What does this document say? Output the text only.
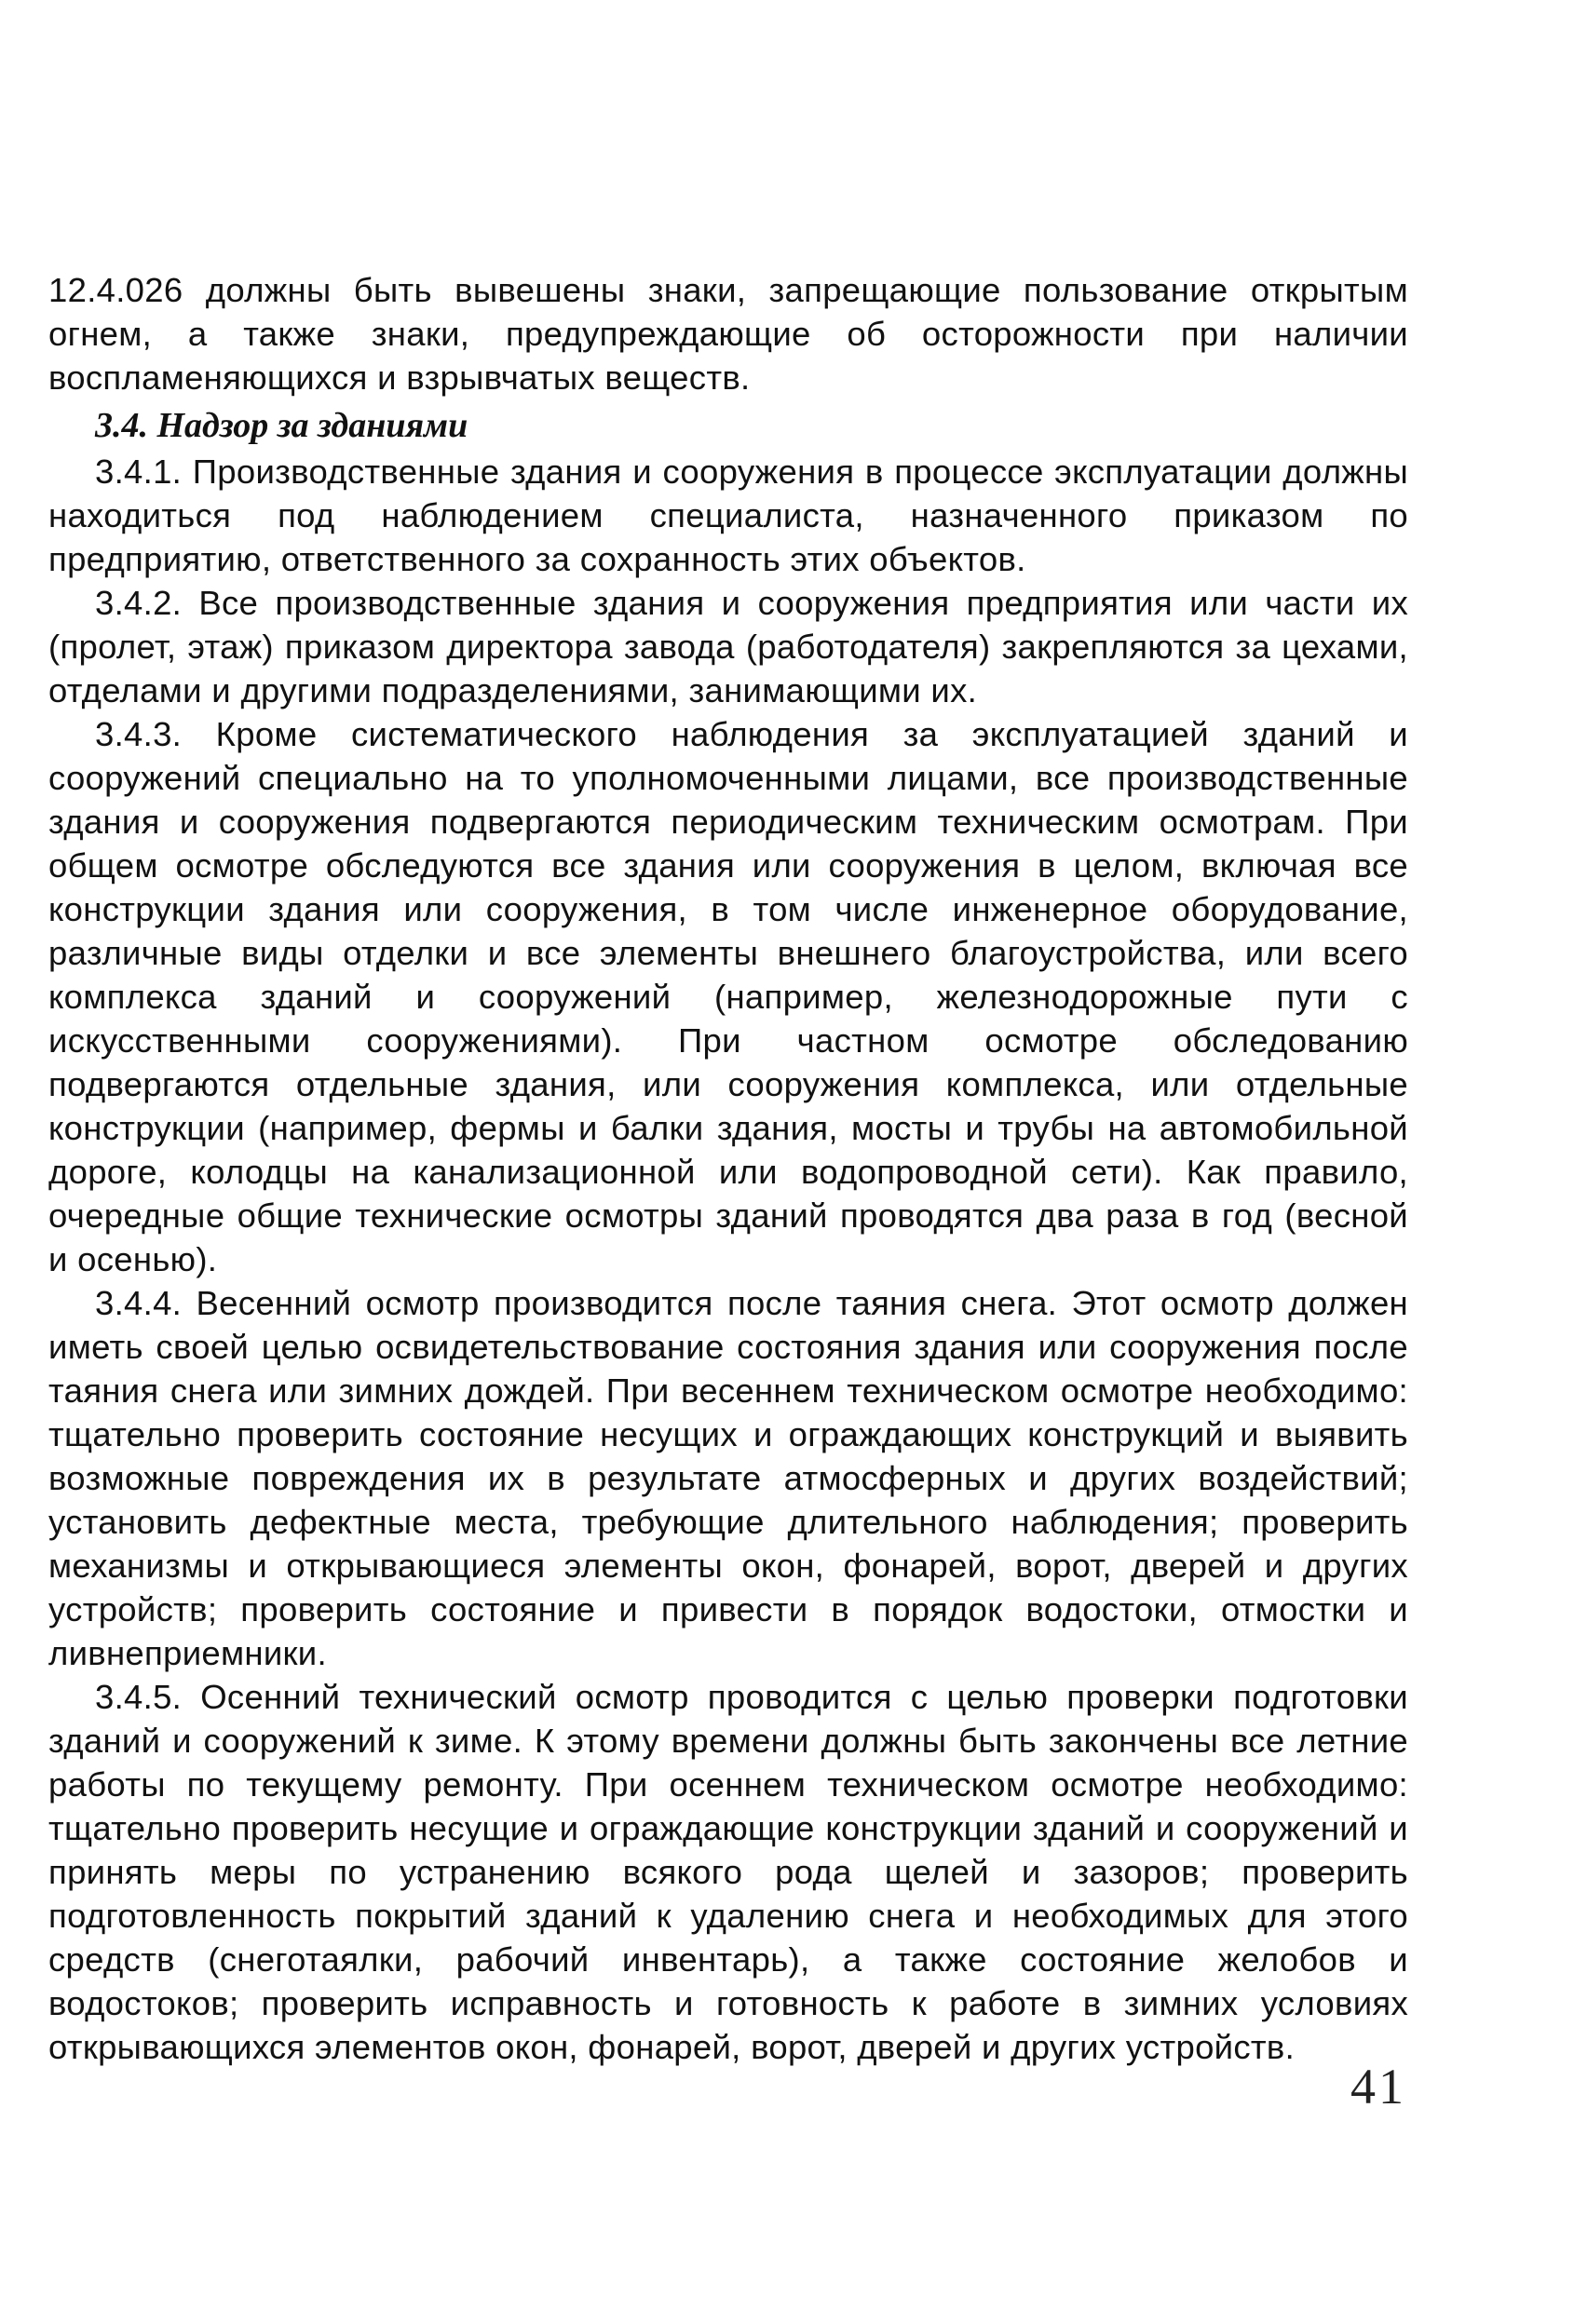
12.4.026 должны быть вывешены знаки, запрещающие пользование открытым огнем, а также знаки, предупреждающие об осторожности при наличии воспламеняющихся и взрывчатых веществ.

3.4. Надзор за зданиями

3.4.1. Производственные здания и сооружения в процессе эксплуатации должны находиться под наблюдением специалиста, назначенного приказом по предприятию, ответственного за сохранность этих объектов.

3.4.2. Все производственные здания и сооружения предприятия или части их (пролет, этаж) приказом директора завода (работодателя) закрепляются за цехами, отделами и другими подразделениями, занимающими их.

3.4.3. Кроме систематического наблюдения за эксплуатацией зданий и сооружений специально на то уполномоченными лицами, все производственные здания и сооружения подвергаются периодическим техническим осмотрам. При общем осмотре обследуются все здания или сооружения в целом, включая все конструкции здания или сооружения, в том числе инженерное оборудование, различные виды отделки и все элементы внешнего благоустройства, или всего комплекса зданий и сооружений (например, железнодорожные пути с искусственными сооружениями). При частном осмотре обследованию подвергаются отдельные здания, или сооружения комплекса, или отдельные конструкции (например, фермы и балки здания, мосты и трубы на автомобильной дороге, колодцы на канализационной или водопроводной сети). Как правило, очередные общие технические осмотры зданий проводятся два раза в год (весной и осенью).

3.4.4. Весенний осмотр производится после таяния снега. Этот осмотр должен иметь своей целью освидетельствование состояния здания или сооружения после таяния снега или зимних дождей. При весеннем техническом осмотре необходимо: тщательно проверить состояние несущих и ограждающих конструкций и выявить возможные повреждения их в результате атмосферных и других воздействий; установить дефектные места, требующие длительного наблюдения; проверить механизмы и открывающиеся элементы окон, фонарей, ворот, дверей и других устройств; проверить состояние и привести в порядок водостоки, отмостки и ливнеприемники.

3.4.5. Осенний технический осмотр проводится с целью проверки подготовки зданий и сооружений к зиме. К этому времени должны быть закончены все летние работы по текущему ремонту. При осеннем техническом осмотре необходимо: тщательно проверить несущие и ограждающие конструкции зданий и сооружений и принять меры по устранению всякого рода щелей и зазоров; проверить подготовленность покрытий зданий к удалению снега и необходимых для этого средств (снеготаялки, рабочий инвентарь), а также состояние желобов и водостоков; проверить исправность и готовность к работе в зимних условиях открывающихся элементов окон, фонарей, ворот, дверей и других устройств.

41
